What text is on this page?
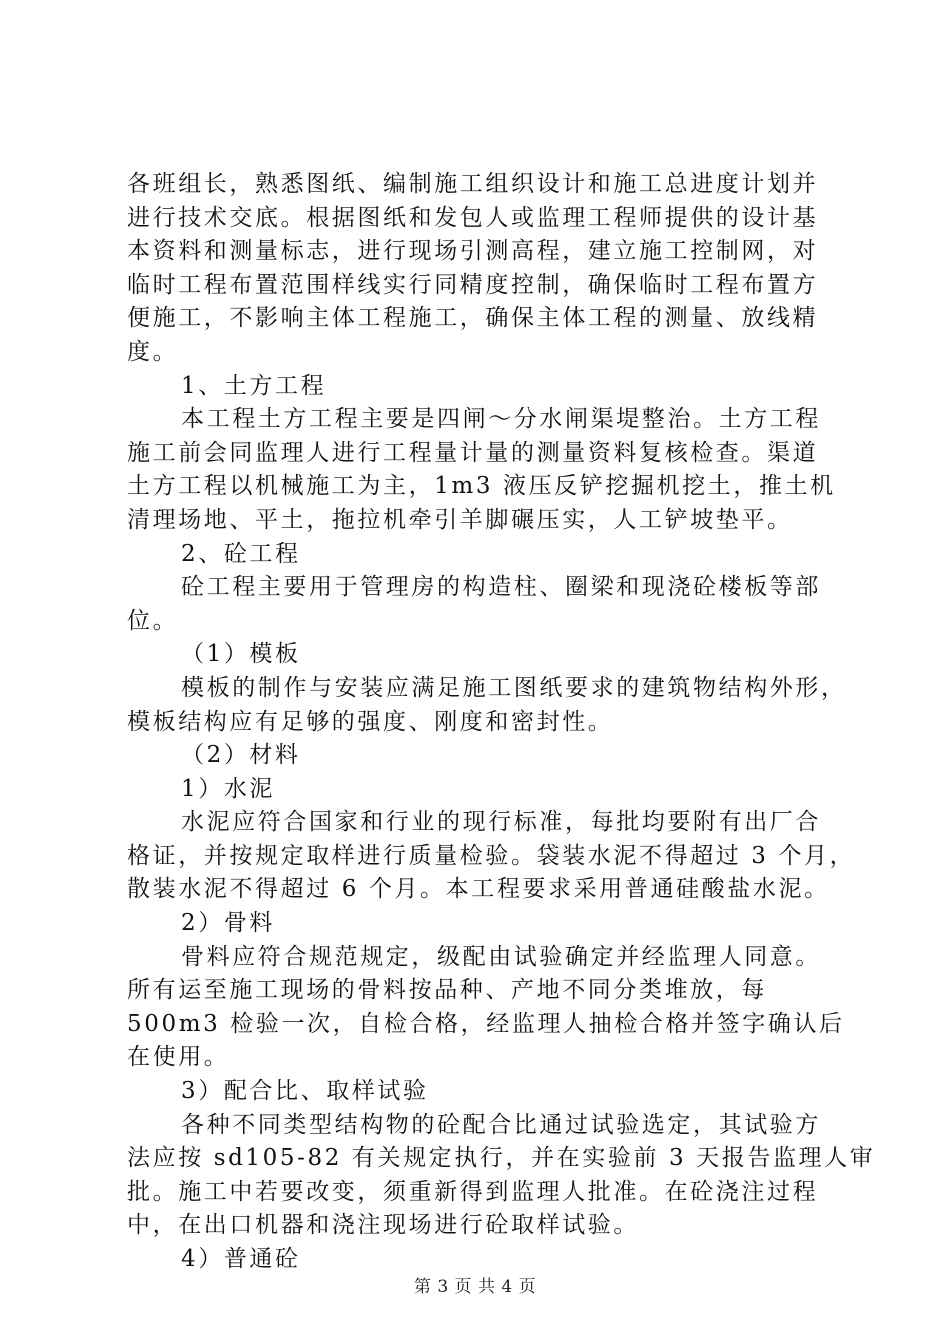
各班组长，熟悉图纸、编制施工组织设计和施工总进度计划并
进行技术交底。根据图纸和发包人或监理工程师提供的设计基
本资料和测量标志，进行现场引测高程，建立施工控制网，对
临时工程布置范围样线实行同精度控制，确保临时工程布置方
便施工，不影响主体工程施工，确保主体工程的测量、放线精
度。
1、土方工程
本工程土方工程主要是四闸～分水闸渠堤整治。土方工程
施工前会同监理人进行工程量计量的测量资料复核检查。渠道
土方工程以机械施工为主，1m3 液压反铲挖掘机挖土，推土机
清理场地、平土，拖拉机牵引羊脚碾压实，人工铲坡垫平。
2、砼工程
砼工程主要用于管理房的构造柱、圈梁和现浇砼楼板等部
位。
（1）模板
模板的制作与安装应满足施工图纸要求的建筑物结构外形，
模板结构应有足够的强度、刚度和密封性。
（2）材料
1）水泥
水泥应符合国家和行业的现行标准，每批均要附有出厂合
格证，并按规定取样进行质量检验。袋装水泥不得超过 3 个月，
散装水泥不得超过 6 个月。本工程要求采用普通硅酸盐水泥。
2）骨料
骨料应符合规范规定，级配由试验确定并经监理人同意。
所有运至施工现场的骨料按品种、产地不同分类堆放，每
500m3 检验一次，自检合格，经监理人抽检合格并签字确认后
在使用。
3）配合比、取样试验
各种不同类型结构物的砼配合比通过试验选定，其试验方
法应按 sd105-82 有关规定执行，并在实验前 3 天报告监理人审
批。施工中若要改变，须重新得到监理人批准。在砼浇注过程
中，在出口机器和浇注现场进行砼取样试验。
4）普通砼
第 3 页 共 4 页
